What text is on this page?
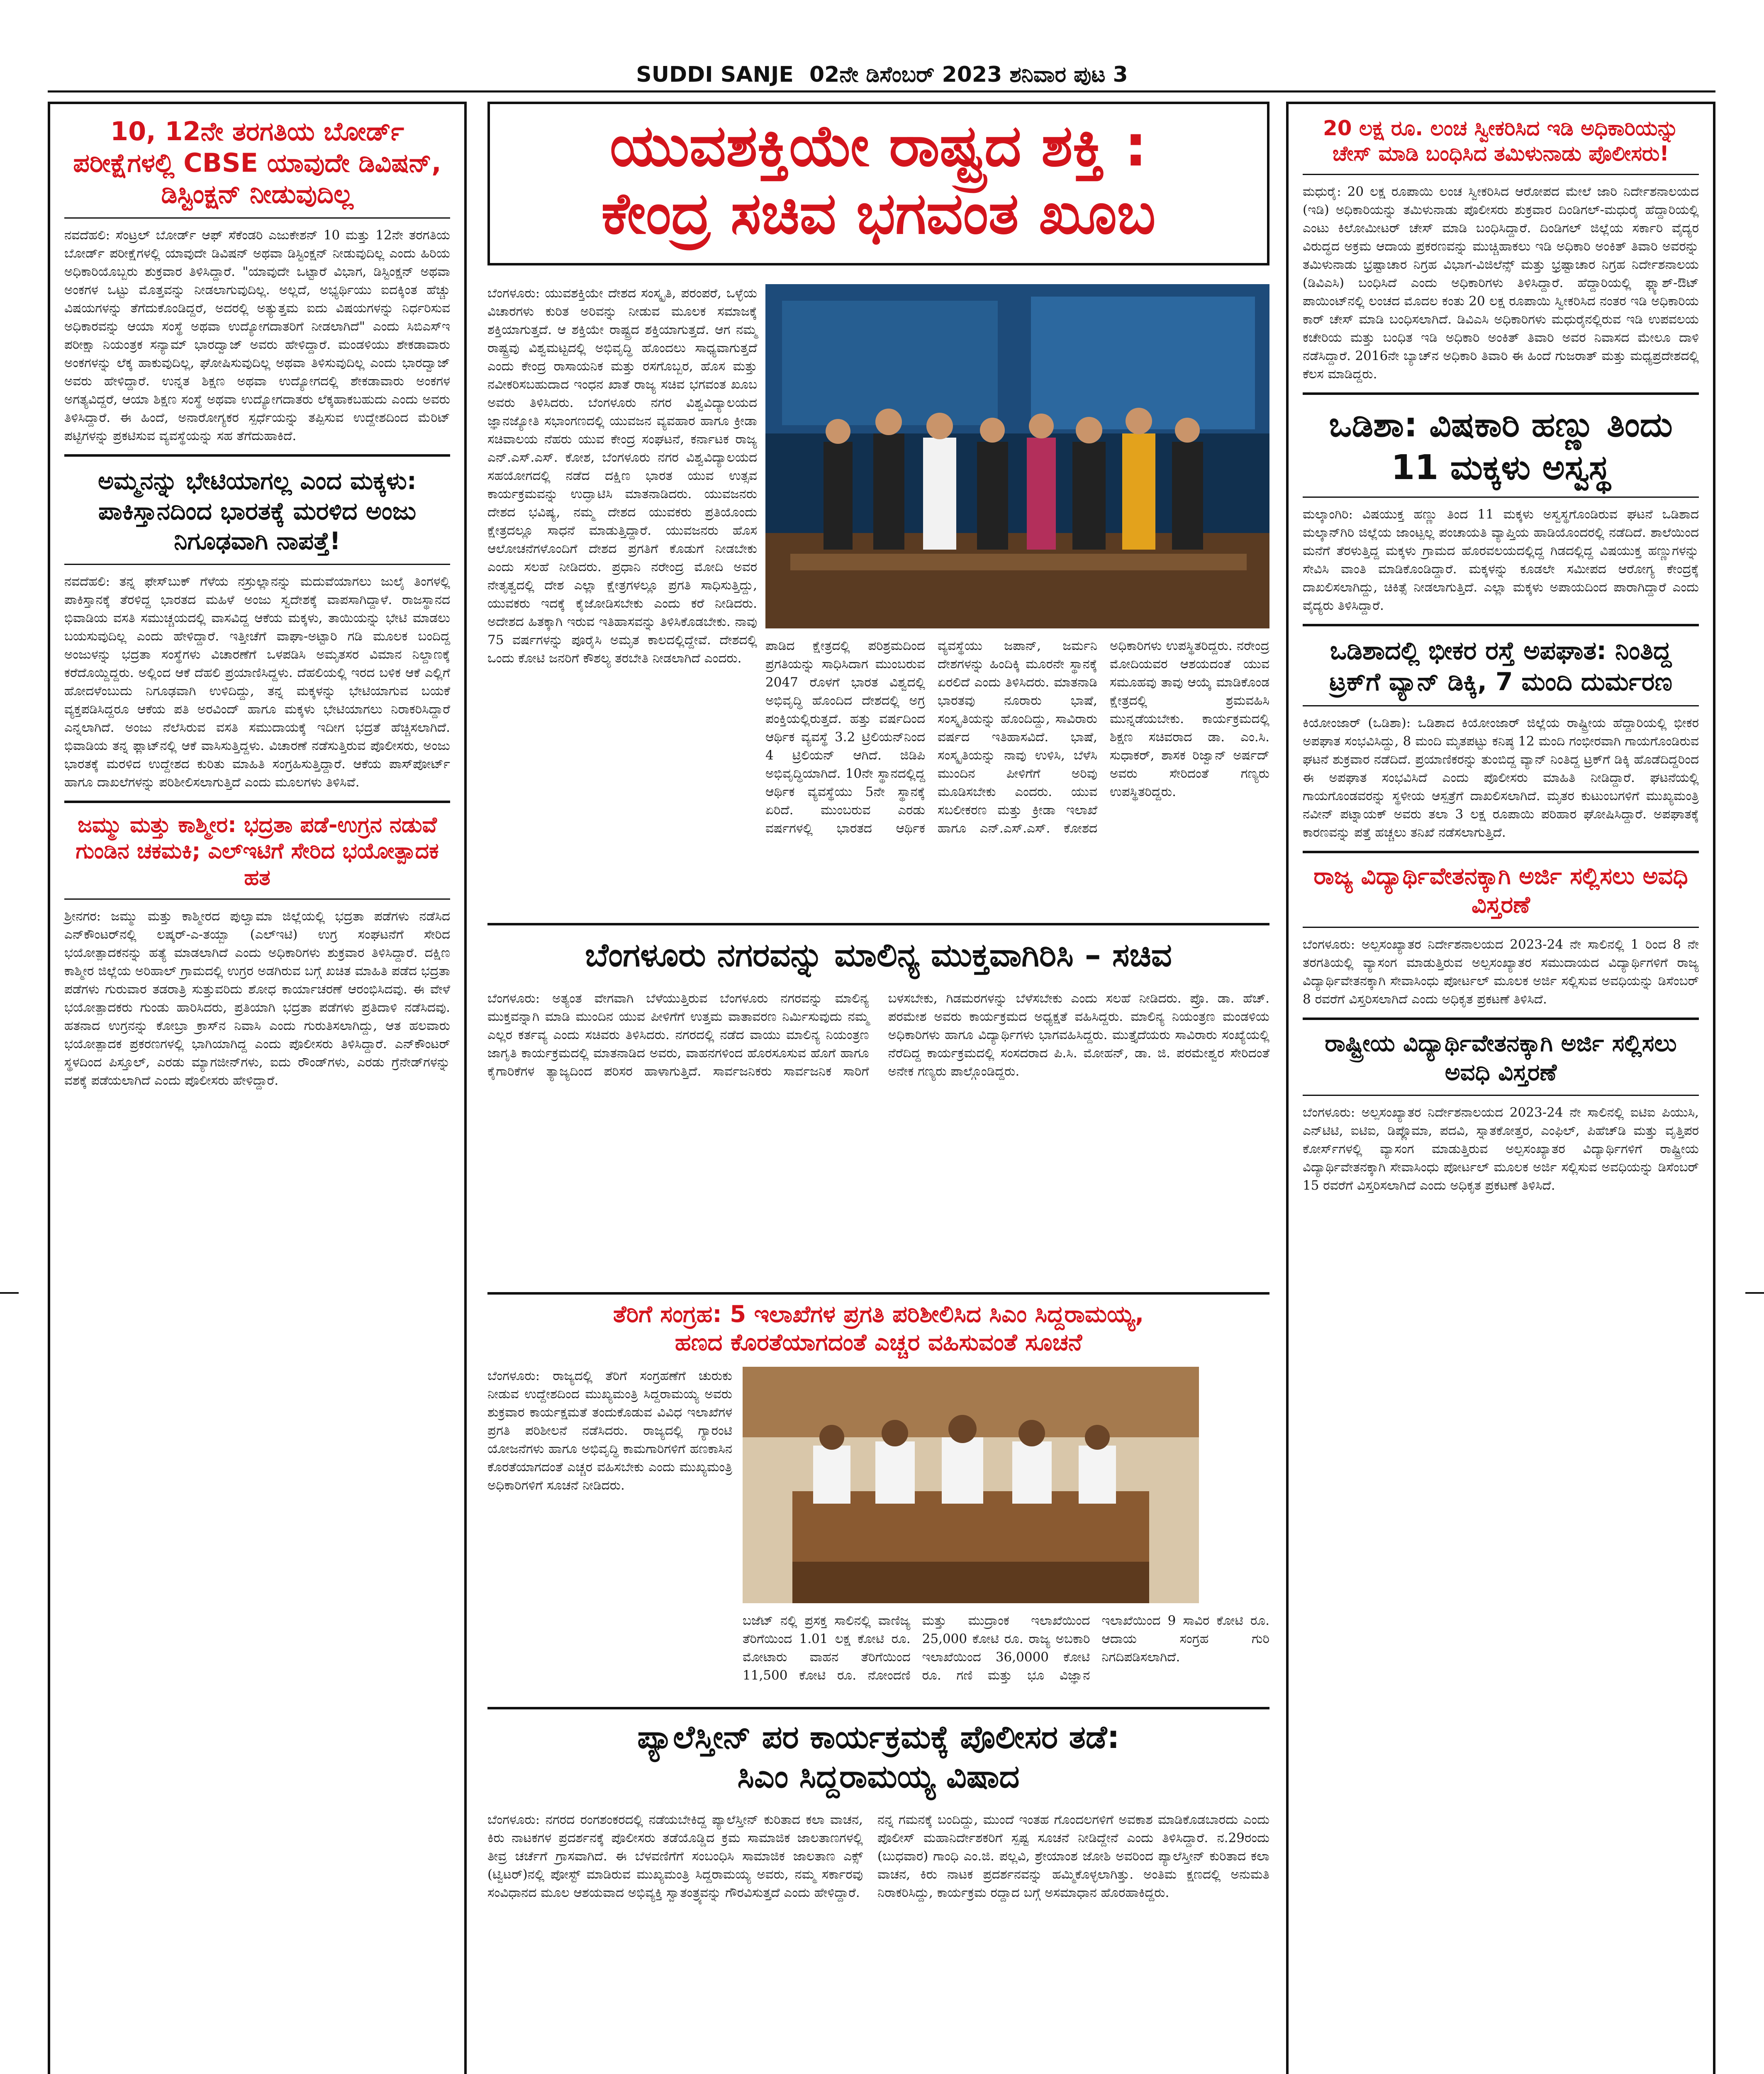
SUDDI SANJE 02ನೇ ಡಿಸೆಂಬರ್ 2023 ಶನಿವಾರ ಪುಟ 3
10, 12ನೇ ತರಗತಿಯ ಬೋರ್ಡ್ ಪರೀಕ್ಷೆಗಳಲ್ಲಿ CBSE ಯಾವುದೇ ಡಿವಿಷನ್, ಡಿಸ್ಟಿಂಕ್ಷನ್ ನೀಡುವುದಿಲ್ಲ

ನವದೆಹಲಿ: ಸೆಂಟ್ರಲ್ ಬೋರ್ಡ್ ಆಫ್ ಸೆಕೆಂಡರಿ ಎಜುಕೇಶನ್ 10 ಮತ್ತು 12ನೇ ತರಗತಿಯ ಬೋರ್ಡ್ ಪರೀಕ್ಷೆಗಳಲ್ಲಿ ಯಾವುದೇ ಡಿವಿಷನ್ ಅಥವಾ ಡಿಸ್ಟಿಂಕ್ಷನ್ ನೀಡುವುದಿಲ್ಲ ಎಂದು ಹಿರಿಯ ಅಧಿಕಾರಿಯೊಬ್ಬರು ಶುಕ್ರವಾರ ತಿಳಿಸಿದ್ದಾರೆ. "ಯಾವುದೇ ಒಟ್ಟಾರೆ ವಿಭಾಗ, ಡಿಸ್ಟಿಂಕ್ಷನ್ ಅಥವಾ ಅಂಕಗಳ ಒಟ್ಟು ಮೊತ್ತವನ್ನು ನೀಡಲಾಗುವುದಿಲ್ಲ. ಅಲ್ಲದೆ, ಅಭ್ಯರ್ಥಿಯು ಐದಕ್ಕಿಂತ ಹೆಚ್ಚು ವಿಷಯಗಳನ್ನು ತೆಗೆದುಕೊಂಡಿದ್ದರೆ, ಅದರಲ್ಲಿ ಅತ್ಯುತ್ತಮ ಐದು ವಿಷಯಗಳನ್ನು ನಿರ್ಧರಿಸುವ ಅಧಿಕಾರವನ್ನು ಆಯಾ ಸಂಸ್ಥೆ ಅಥವಾ ಉದ್ಯೋಗದಾತರಿಗೆ ನೀಡಲಾಗಿದೆ" ಎಂದು ಸಿಬಿಎಸ್ಇ ಪರೀಕ್ಷಾ ನಿಯಂತ್ರಕ ಸನ್ಯಾಮ್ ಭಾರದ್ವಾಜ್ ಅವರು ಹೇಳಿದ್ದಾರೆ. ಮಂಡಳಿಯು ಶೇಕಡಾವಾರು ಅಂಕಗಳನ್ನು ಲೆಕ್ಕ ಹಾಕುವುದಿಲ್ಲ, ಘೋಷಿಸುವುದಿಲ್ಲ ಅಥವಾ ತಿಳಿಸುವುದಿಲ್ಲ ಎಂದು ಭಾರದ್ವಾಜ್ ಅವರು ಹೇಳಿದ್ದಾರೆ. ಉನ್ನತ ಶಿಕ್ಷಣ ಅಥವಾ ಉದ್ಯೋಗದಲ್ಲಿ ಶೇಕಡಾವಾರು ಅಂಕಗಳ ಅಗತ್ಯವಿದ್ದರೆ, ಆಯಾ ಶಿಕ್ಷಣ ಸಂಸ್ಥೆ ಅಥವಾ ಉದ್ಯೋಗದಾತರು ಲೆಕ್ಕಹಾಕಬಹುದು ಎಂದು ಅವರು ತಿಳಿಸಿದ್ದಾರೆ. ಈ ಹಿಂದೆ, ಅನಾರೋಗ್ಯಕರ ಸ್ಪರ್ಧೆಯನ್ನು ತಪ್ಪಿಸುವ ಉದ್ದೇಶದಿಂದ ಮೆರಿಟ್ ಪಟ್ಟಿಗಳನ್ನು ಪ್ರಕಟಿಸುವ ವ್ಯವಸ್ಥೆಯನ್ನು ಸಹ ತೆಗೆದುಹಾಕಿದೆ.

ಅಮ್ಮನನ್ನು ಭೇಟಿಯಾಗಲ್ಲ ಎಂದ ಮಕ್ಕಳು: ಪಾಕಿಸ್ತಾನದಿಂದ ಭಾರತಕ್ಕೆ ಮರಳಿದ ಅಂಜು ನಿಗೂಢವಾಗಿ ನಾಪತ್ತೆ!

ನವದೆಹಲಿ: ತನ್ನ ಫೇಸ್‌ಬುಕ್ ಗೆಳೆಯ ನಸ್ರುಲ್ಲಾನನ್ನು ಮದುವೆಯಾಗಲು ಜುಲೈ ತಿಂಗಳಲ್ಲಿ ಪಾಕಿಸ್ತಾನಕ್ಕೆ ತೆರಳಿದ್ದ ಭಾರತದ ಮಹಿಳೆ ಅಂಜು ಸ್ವದೇಶಕ್ಕೆ ವಾಪಸಾಗಿದ್ದಾಳೆ. ರಾಜಸ್ಥಾನದ ಭಿವಾಡಿಯ ವಸತಿ ಸಮುಚ್ಚಯದಲ್ಲಿ ವಾಸವಿದ್ದ ಆಕೆಯ ಮಕ್ಕಳು, ತಾಯಿಯನ್ನು ಭೇಟಿ ಮಾಡಲು ಬಯಸುವುದಿಲ್ಲ ಎಂದು ಹೇಳಿದ್ದಾರೆ. ಇತ್ತೀಚೆಗೆ ವಾಘಾ-ಅಟ್ಟಾರಿ ಗಡಿ ಮೂಲಕ ಬಂದಿದ್ದ ಅಂಜುಳನ್ನು ಭದ್ರತಾ ಸಂಸ್ಥೆಗಳು ವಿಚಾರಣೆಗೆ ಒಳಪಡಿಸಿ ಅಮೃತಸರ ವಿಮಾನ ನಿಲ್ದಾಣಕ್ಕೆ ಕರೆದೊಯ್ದಿದ್ದರು. ಅಲ್ಲಿಂದ ಆಕೆ ದೆಹಲಿ ಪ್ರಯಾಣಿಸಿದ್ದಳು. ದೆಹಲಿಯಲ್ಲಿ ಇರದ ಬಳಿಕ ಆಕೆ ಎಲ್ಲಿಗೆ ಹೋದಳೆಂಬುದು ನಿಗೂಢವಾಗಿ ಉಳಿದಿದ್ದು, ತನ್ನ ಮಕ್ಕಳನ್ನು ಭೇಟಿಯಾಗುವ ಬಯಕೆ ವ್ಯಕ್ತಪಡಿಸಿದ್ದರೂ ಆಕೆಯ ಪತಿ ಅರವಿಂದ್ ಹಾಗೂ ಮಕ್ಕಳು ಭೇಟಿಯಾಗಲು ನಿರಾಕರಿಸಿದ್ದಾರೆ ಎನ್ನಲಾಗಿದೆ. ಅಂಜು ನೆಲೆಸಿರುವ ವಸತಿ ಸಮುದಾಯಕ್ಕೆ ಇದೀಗ ಭದ್ರತೆ ಹೆಚ್ಚಿಸಲಾಗಿದೆ. ಭಿವಾಡಿಯ ತನ್ನ ಫ್ಲಾಟ್‌ನಲ್ಲಿ ಆಕೆ ವಾಸಿಸುತ್ತಿದ್ದಳು. ವಿಚಾರಣೆ ನಡೆಸುತ್ತಿರುವ ಪೊಲೀಸರು, ಅಂಜು ಭಾರತಕ್ಕೆ ಮರಳಿದ ಉದ್ದೇಶದ ಕುರಿತು ಮಾಹಿತಿ ಸಂಗ್ರಹಿಸುತ್ತಿದ್ದಾರೆ. ಆಕೆಯ ಪಾಸ್‌ಪೋರ್ಟ್ ಹಾಗೂ ದಾಖಲೆಗಳನ್ನು ಪರಿಶೀಲಿಸಲಾಗುತ್ತಿದೆ ಎಂದು ಮೂಲಗಳು ತಿಳಿಸಿವೆ.

ಜಮ್ಮು ಮತ್ತು ಕಾಶ್ಮೀರ: ಭದ್ರತಾ ಪಡೆ-ಉಗ್ರನ ನಡುವೆ ಗುಂಡಿನ ಚಕಮಕಿ; ಎಲ್ಇಟಿಗೆ ಸೇರಿದ ಭಯೋತ್ಪಾದಕ ಹತ

ಶ್ರೀನಗರ: ಜಮ್ಮು ಮತ್ತು ಕಾಶ್ಮೀರದ ಪುಲ್ವಾಮಾ ಜಿಲ್ಲೆಯಲ್ಲಿ ಭದ್ರತಾ ಪಡೆಗಳು ನಡೆಸಿದ ಎನ್‌ಕೌಂಟರ್‌ನಲ್ಲಿ ಲಷ್ಕರ್-ಎ-ತಯ್ಬಾ (ಎಲ್‌ಇಟಿ) ಉಗ್ರ ಸಂಘಟನೆಗೆ ಸೇರಿದ ಭಯೋತ್ಪಾದಕನನ್ನು ಹತ್ಯೆ ಮಾಡಲಾಗಿದೆ ಎಂದು ಅಧಿಕಾರಿಗಳು ಶುಕ್ರವಾರ ತಿಳಿಸಿದ್ದಾರೆ. ದಕ್ಷಿಣ ಕಾಶ್ಮೀರ ಜಿಲ್ಲೆಯ ಅರಿಹಾಲ್ ಗ್ರಾಮದಲ್ಲಿ ಉಗ್ರರ ಅಡಗಿರುವ ಬಗ್ಗೆ ಖಚಿತ ಮಾಹಿತಿ ಪಡೆದ ಭದ್ರತಾ ಪಡೆಗಳು ಗುರುವಾರ ತಡರಾತ್ರಿ ಸುತ್ತುವರಿದು ಶೋಧ ಕಾರ್ಯಾಚರಣೆ ಆರಂಭಿಸಿದವು. ಈ ವೇಳೆ ಭಯೋತ್ಪಾದಕರು ಗುಂಡು ಹಾರಿಸಿದರು, ಪ್ರತಿಯಾಗಿ ಭದ್ರತಾ ಪಡೆಗಳು ಪ್ರತಿದಾಳಿ ನಡೆಸಿದವು. ಹತನಾದ ಉಗ್ರನನ್ನು ಕೋಬ್ರಾ ಕ್ರಾಸ್‌ನ ನಿವಾಸಿ ಎಂದು ಗುರುತಿಸಲಾಗಿದ್ದು, ಆತ ಹಲವಾರು ಭಯೋತ್ಪಾದಕ ಪ್ರಕರಣಗಳಲ್ಲಿ ಭಾಗಿಯಾಗಿದ್ದ ಎಂದು ಪೊಲೀಸರು ತಿಳಿಸಿದ್ದಾರೆ. ಎನ್‌ಕೌಂಟರ್ ಸ್ಥಳದಿಂದ ಪಿಸ್ತೂಲ್, ಎರಡು ಮ್ಯಾಗಜೀನ್‌ಗಳು, ಐದು ರೌಂಡ್‌ಗಳು, ಎರಡು ಗ್ರೆನೇಡ್‌ಗಳನ್ನು ವಶಕ್ಕೆ ಪಡೆಯಲಾಗಿದೆ ಎಂದು ಪೊಲೀಸರು ಹೇಳಿದ್ದಾರೆ.

ಯುವಶಕ್ತಿಯೇ ರಾಷ್ಟ್ರದ ಶಕ್ತಿ :
ಕೇಂದ್ರ ಸಚಿವ ಭಗವಂತ ಖೂಬ

ಬೆಂಗಳೂರು: ಯುವಶಕ್ತಿಯೇ ದೇಶದ ಸಂಸ್ಕೃತಿ, ಪರಂಪರೆ, ಒಳ್ಳೆಯ ವಿಚಾರಗಳು ಕುರಿತ ಅರಿವನ್ನು ನೀಡುವ ಮೂಲಕ ಸಮಾಜಕ್ಕೆ ಶಕ್ತಿಯಾಗುತ್ತದೆ. ಆ ಶಕ್ತಿಯೇ ರಾಷ್ಟ್ರದ ಶಕ್ತಿಯಾಗುತ್ತದೆ. ಆಗ ನಮ್ಮ ರಾಷ್ಟ್ರವು ವಿಶ್ವಮಟ್ಟದಲ್ಲಿ ಅಭಿವೃದ್ಧಿ ಹೊಂದಲು ಸಾಧ್ಯವಾಗುತ್ತದೆ ಎಂದು ಕೇಂದ್ರ ರಾಸಾಯನಿಕ ಮತ್ತು ರಸಗೊಬ್ಬರ, ಹೊಸ ಮತ್ತು ನವೀಕರಿಸಬಹುದಾದ ಇಂಧನ ಖಾತೆ ರಾಜ್ಯ ಸಚಿವ ಭಗವಂತ ಖೂಬ ಅವರು ತಿಳಿಸಿದರು. ಬೆಂಗಳೂರು ನಗರ ವಿಶ್ವವಿದ್ಯಾಲಯದ ಜ್ಞಾನಜ್ಯೋತಿ ಸಭಾಂಗಣದಲ್ಲಿ ಯುವಜನ ವ್ಯವಹಾರ ಹಾಗೂ ಕ್ರೀಡಾ ಸಚಿವಾಲಯ ನೆಹರು ಯುವ ಕೇಂದ್ರ ಸಂಘಟನೆ, ಕರ್ನಾಟಕ ರಾಜ್ಯ ಎನ್.ಎಸ್.ಎಸ್. ಕೋಶ, ಬೆಂಗಳೂರು ನಗರ ವಿಶ್ವವಿದ್ಯಾಲಯದ ಸಹಯೋಗದಲ್ಲಿ ನಡೆದ ದಕ್ಷಿಣ ಭಾರತ ಯುವ ಉತ್ಸವ ಕಾರ್ಯಕ್ರಮವನ್ನು ಉದ್ಘಾಟಿಸಿ ಮಾತನಾಡಿದರು. ಯುವಜನರು ದೇಶದ ಭವಿಷ್ಯ, ನಮ್ಮ ದೇಶದ ಯುವಕರು ಪ್ರತಿಯೊಂದು ಕ್ಷೇತ್ರದಲ್ಲೂ ಸಾಧನೆ ಮಾಡುತ್ತಿದ್ದಾರೆ. ಯುವಜನರು ಹೊಸ ಆಲೋಚನೆಗಳೊಂದಿಗೆ ದೇಶದ ಪ್ರಗತಿಗೆ ಕೊಡುಗೆ ನೀಡಬೇಕು ಎಂದು ಸಲಹೆ ನೀಡಿದರು. ಪ್ರಧಾನಿ ನರೇಂದ್ರ ಮೋದಿ ಅವರ ನೇತೃತ್ವದಲ್ಲಿ ದೇಶ ಎಲ್ಲಾ ಕ್ಷೇತ್ರಗಳಲ್ಲೂ ಪ್ರಗತಿ ಸಾಧಿಸುತ್ತಿದ್ದು, ಯುವಕರು ಇದಕ್ಕೆ ಕೈಜೋಡಿಸಬೇಕು ಎಂದು ಕರೆ ನೀಡಿದರು. ಅದೇಶದ ಹಿತಕ್ಕಾಗಿ ಇರುವ ಇತಿಹಾಸವನ್ನು ತಿಳಿಸಿಕೊಡಬೇಕು. ನಾವು 75 ವರ್ಷಗಳನ್ನು ಪೂರೈಸಿ ಅಮೃತ ಕಾಲದಲ್ಲಿದ್ದೇವೆ. ದೇಶದಲ್ಲಿ ಒಂದು ಕೋಟಿ ಜನರಿಗೆ ಕೌಶಲ್ಯ ತರಬೇತಿ ನೀಡಲಾಗಿದೆ ಎಂದರು.

ಪಾಡಿದ ಕ್ಷೇತ್ರದಲ್ಲಿ ಪರಿಶ್ರಮದಿಂದ ಪ್ರಗತಿಯನ್ನು ಸಾಧಿಸಿದಾಗ ಮುಂಬರುವ 2047 ರೊಳಗೆ ಭಾರತ ವಿಶ್ವದಲ್ಲಿ ಅಭಿವೃದ್ಧಿ ಹೊಂದಿದ ದೇಶದಲ್ಲಿ ಅಗ್ರ ಪಂಕ್ತಿಯಲ್ಲಿರುತ್ತದೆ. ಹತ್ತು ವರ್ಷದಿಂದ ಆರ್ಥಿಕ ವ್ಯವಸ್ಥೆ 3.2 ಟ್ರಿಲಿಯನ್‌ನಿಂದ 4 ಟ್ರಿಲಿಯನ್ ಆಗಿದೆ. ಜಿಡಿಪಿ ಅಭಿವೃದ್ಧಿಯಾಗಿದೆ. 10ನೇ ಸ್ಥಾನದಲ್ಲಿದ್ದ ಆರ್ಥಿಕ ವ್ಯವಸ್ಥೆಯು 5ನೇ ಸ್ಥಾನಕ್ಕೆ ಏರಿದೆ. ಮುಂಬರುವ ಎರಡು ವರ್ಷಗಳಲ್ಲಿ ಭಾರತದ ಆರ್ಥಿಕ ವ್ಯವಸ್ಥೆಯು ಜಪಾನ್, ಜರ್ಮನಿ ದೇಶಗಳನ್ನು ಹಿಂದಿಕ್ಕಿ ಮೂರನೇ ಸ್ಥಾನಕ್ಕೆ ಏರಲಿದೆ ಎಂದು ತಿಳಿಸಿದರು. ಮಾತನಾಡಿ ಭಾರತವು ನೂರಾರು ಭಾಷೆ, ಸಂಸ್ಕೃತಿಯನ್ನು ಹೊಂದಿದ್ದು, ಸಾವಿರಾರು ವರ್ಷದ ಇತಿಹಾಸವಿದೆ. ಭಾಷೆ, ಸಂಸ್ಕೃತಿಯನ್ನು ನಾವು ಉಳಿಸಿ, ಬೆಳೆಸಿ ಮುಂದಿನ ಪೀಳಿಗೆಗೆ ಅರಿವು ಮೂಡಿಸಬೇಕು ಎಂದರು. ಯುವ ಸಬಲೀಕರಣ ಮತ್ತು ಕ್ರೀಡಾ ಇಲಾಖೆ ಹಾಗೂ ಎನ್.ಎಸ್.ಎಸ್. ಕೋಶದ ಅಧಿಕಾರಿಗಳು ಉಪಸ್ಥಿತರಿದ್ದರು. ನರೇಂದ್ರ ಮೋದಿಯವರ ಆಶಯದಂತೆ ಯುವ ಸಮೂಹವು ತಾವು ಆಯ್ಕೆ ಮಾಡಿಕೊಂಡ ಕ್ಷೇತ್ರದಲ್ಲಿ ಶ್ರಮವಹಿಸಿ ಮುನ್ನಡೆಯಬೇಕು. ಕಾರ್ಯಕ್ರಮದಲ್ಲಿ ಶಿಕ್ಷಣ ಸಚಿವರಾದ ಡಾ. ಎಂ.ಸಿ. ಸುಧಾಕರ್, ಶಾಸಕ ರಿಜ್ವಾನ್ ಅರ್ಷದ್ ಅವರು ಸೇರಿದಂತೆ ಗಣ್ಯರು ಉಪಸ್ಥಿತರಿದ್ದರು.

ಬೆಂಗಳೂರು ನಗರವನ್ನು ಮಾಲಿನ್ಯ ಮುಕ್ತವಾಗಿರಿಸಿ – ಸಚಿವ

ಬೆಂಗಳೂರು: ಅತ್ಯಂತ ವೇಗವಾಗಿ ಬೆಳೆಯುತ್ತಿರುವ ಬೆಂಗಳೂರು ನಗರವನ್ನು ಮಾಲಿನ್ಯ ಮುಕ್ತವನ್ನಾಗಿ ಮಾಡಿ ಮುಂದಿನ ಯುವ ಪೀಳಿಗೆಗೆ ಉತ್ತಮ ವಾತಾವರಣ ನಿರ್ಮಿಸುವುದು ನಮ್ಮ ಎಲ್ಲರ ಕರ್ತವ್ಯ ಎಂದು ಸಚಿವರು ತಿಳಿಸಿದರು. ನಗರದಲ್ಲಿ ನಡೆದ ವಾಯು ಮಾಲಿನ್ಯ ನಿಯಂತ್ರಣ ಜಾಗೃತಿ ಕಾರ್ಯಕ್ರಮದಲ್ಲಿ ಮಾತನಾಡಿದ ಅವರು, ವಾಹನಗಳಿಂದ ಹೊರಸೂಸುವ ಹೊಗೆ ಹಾಗೂ ಕೈಗಾರಿಕೆಗಳ ತ್ಯಾಜ್ಯದಿಂದ ಪರಿಸರ ಹಾಳಾಗುತ್ತಿದೆ. ಸಾರ್ವಜನಿಕರು ಸಾರ್ವಜನಿಕ ಸಾರಿಗೆ ಬಳಸಬೇಕು, ಗಿಡಮರಗಳನ್ನು ಬೆಳೆಸಬೇಕು ಎಂದು ಸಲಹೆ ನೀಡಿದರು. ಪ್ರೊ. ಡಾ. ಹೆಚ್. ಪರಮೇಶ ಅವರು ಕಾರ್ಯಕ್ರಮದ ಅಧ್ಯಕ್ಷತೆ ವಹಿಸಿದ್ದರು. ಮಾಲಿನ್ಯ ನಿಯಂತ್ರಣ ಮಂಡಳಿಯ ಅಧಿಕಾರಿಗಳು ಹಾಗೂ ವಿದ್ಯಾರ್ಥಿಗಳು ಭಾಗವಹಿಸಿದ್ದರು. ಮುತ್ತೈದೆಯರು ಸಾವಿರಾರು ಸಂಖ್ಯೆಯಲ್ಲಿ ನೆರೆದಿದ್ದ ಕಾರ್ಯಕ್ರಮದಲ್ಲಿ ಸಂಸದರಾದ ಪಿ.ಸಿ. ಮೋಹನ್, ಡಾ. ಜಿ. ಪರಮೇಶ್ವರ ಸೇರಿದಂತೆ ಅನೇಕ ಗಣ್ಯರು ಪಾಲ್ಗೊಂಡಿದ್ದರು.

ತೆರಿಗೆ ಸಂಗ್ರಹ: 5 ಇಲಾಖೆಗಳ ಪ್ರಗತಿ ಪರಿಶೀಲಿಸಿದ ಸಿಎಂ ಸಿದ್ದರಾಮಯ್ಯ,
ಹಣದ ಕೊರತೆಯಾಗದಂತೆ ಎಚ್ಚರ ವಹಿಸುವಂತೆ ಸೂಚನೆ

ಬೆಂಗಳೂರು: ರಾಜ್ಯದಲ್ಲಿ ತೆರಿಗೆ ಸಂಗ್ರಹಣೆಗೆ ಚುರುಕು ನೀಡುವ ಉದ್ದೇಶದಿಂದ ಮುಖ್ಯಮಂತ್ರಿ ಸಿದ್ದರಾಮಯ್ಯ ಅವರು ಶುಕ್ರವಾರ ಕಾರ್ಯಕ್ಷಮತೆ ತಂದುಕೊಡುವ ವಿವಿಧ ಇಲಾಖೆಗಳ ಪ್ರಗತಿ ಪರಿಶೀಲನೆ ನಡೆಸಿದರು. ರಾಜ್ಯದಲ್ಲಿ ಗ್ಯಾರಂಟಿ ಯೋಜನೆಗಳು ಹಾಗೂ ಅಭಿವೃದ್ಧಿ ಕಾಮಗಾರಿಗಳಿಗೆ ಹಣಕಾಸಿನ ಕೊರತೆಯಾಗದಂತೆ ಎಚ್ಚರ ವಹಿಸಬೇಕು ಎಂದು ಮುಖ್ಯಮಂತ್ರಿ ಅಧಿಕಾರಿಗಳಿಗೆ ಸೂಚನೆ ನೀಡಿದರು.

ಬಜೆಟ್ ನಲ್ಲಿ ಪ್ರಸಕ್ತ ಸಾಲಿನಲ್ಲಿ ವಾಣಿಜ್ಯ ತೆರಿಗೆಯಿಂದ 1.01 ಲಕ್ಷ ಕೋಟಿ ರೂ. ಮೋಟಾರು ವಾಹನ ತೆರಿಗೆಯಿಂದ 11,500 ಕೋಟಿ ರೂ. ನೋಂದಣಿ ಮತ್ತು ಮುದ್ರಾಂಕ ಇಲಾಖೆಯಿಂದ 25,000 ಕೋಟಿ ರೂ. ರಾಜ್ಯ ಅಬಕಾರಿ ಇಲಾಖೆಯಿಂದ 36,0000 ಕೋಟಿ ರೂ. ಗಣಿ ಮತ್ತು ಭೂ ವಿಜ್ಞಾನ ಇಲಾಖೆಯಿಂದ 9 ಸಾವಿರ ಕೋಟಿ ರೂ. ಆದಾಯ ಸಂಗ್ರಹ ಗುರಿ ನಿಗದಿಪಡಿಸಲಾಗಿದೆ.

ಪ್ಯಾಲೆಸ್ತೀನ್ ಪರ ಕಾರ್ಯಕ್ರಮಕ್ಕೆ ಪೊಲೀಸರ ತಡೆ:
ಸಿಎಂ ಸಿದ್ದರಾಮಯ್ಯ ವಿಷಾದ

ಬೆಂಗಳೂರು: ನಗರದ ರಂಗಶಂಕರದಲ್ಲಿ ನಡೆಯಬೇಕಿದ್ದ ಪ್ಯಾಲೆಸ್ತೀನ್ ಕುರಿತಾದ ಕಲಾ ವಾಚನ, ಕಿರು ನಾಟಕಗಳ ಪ್ರದರ್ಶನಕ್ಕೆ ಪೊಲೀಸರು ತಡೆಯೊಡ್ಡಿದ ಕ್ರಮ ಸಾಮಾಜಿಕ ಜಾಲತಾಣಗಳಲ್ಲಿ ತೀವ್ರ ಚರ್ಚೆಗೆ ಗ್ರಾಸವಾಗಿದೆ. ಈ ಬೆಳವಣಿಗೆಗೆ ಸಂಬಂಧಿಸಿ ಸಾಮಾಜಿಕ ಜಾಲತಾಣ ಎಕ್ಸ್ (ಟ್ವಿಟರ್)ನಲ್ಲಿ ಪೋಸ್ಟ್ ಮಾಡಿರುವ ಮುಖ್ಯಮಂತ್ರಿ ಸಿದ್ದರಾಮಯ್ಯ ಅವರು, ನಮ್ಮ ಸರ್ಕಾರವು ಸಂವಿಧಾನದ ಮೂಲ ಆಶಯವಾದ ಅಭಿವ್ಯಕ್ತಿ ಸ್ವಾತಂತ್ರ್ಯವನ್ನು ಗೌರವಿಸುತ್ತದೆ ಎಂದು ಹೇಳಿದ್ದಾರೆ.

ನನ್ನ ಗಮನಕ್ಕೆ ಬಂದಿದ್ದು, ಮುಂದೆ ಇಂತಹ ಗೊಂದಲಗಳಿಗೆ ಅವಕಾಶ ಮಾಡಿಕೊಡಬಾರದು ಎಂದು ಪೊಲೀಸ್ ಮಹಾನಿರ್ದೇಶಕರಿಗೆ ಸ್ಪಷ್ಟ ಸೂಚನೆ ನೀಡಿದ್ದೇನೆ ಎಂದು ತಿಳಿಸಿದ್ದಾರೆ. ನ.29ರಂದು (ಬುಧವಾರ) ಗಾಂಧಿ ಎಂ.ಜಿ. ಪಲ್ಲವಿ, ಶ್ರೇಯಾಂಶ ಜೋಶಿ ಅವರಿಂದ ಪ್ಯಾಲೆಸ್ತೀನ್ ಕುರಿತಾದ ಕಲಾ ವಾಚನ, ಕಿರು ನಾಟಕ ಪ್ರದರ್ಶನವನ್ನು ಹಮ್ಮಿಕೊಳ್ಳಲಾಗಿತ್ತು. ಅಂತಿಮ ಕ್ಷಣದಲ್ಲಿ ಅನುಮತಿ ನಿರಾಕರಿಸಿದ್ದು, ಕಾರ್ಯಕ್ರಮ ರದ್ದಾದ ಬಗ್ಗೆ ಅಸಮಾಧಾನ ಹೊರಹಾಕಿದ್ದರು.

20 ಲಕ್ಷ ರೂ. ಲಂಚ ಸ್ವೀಕರಿಸಿದ ಇಡಿ ಅಧಿಕಾರಿಯನ್ನು ಚೇಸ್ ಮಾಡಿ ಬಂಧಿಸಿದ ತಮಿಳುನಾಡು ಪೊಲೀಸರು!

ಮಧುರೈ: 20 ಲಕ್ಷ ರೂಪಾಯಿ ಲಂಚ ಸ್ವೀಕರಿಸಿದ ಆರೋಪದ ಮೇಲೆ ಜಾರಿ ನಿರ್ದೇಶನಾಲಯದ (ಇಡಿ) ಅಧಿಕಾರಿಯನ್ನು ತಮಿಳುನಾಡು ಪೊಲೀಸರು ಶುಕ್ರವಾರ ದಿಂಡಿಗಲ್-ಮಧುರೈ ಹೆದ್ದಾರಿಯಲ್ಲಿ ಎಂಟು ಕಿಲೋಮೀಟರ್ ಚೇಸ್ ಮಾಡಿ ಬಂಧಿಸಿದ್ದಾರೆ. ದಿಂಡಿಗಲ್ ಜಿಲ್ಲೆಯ ಸರ್ಕಾರಿ ವೈದ್ಯರ ವಿರುದ್ಧದ ಅಕ್ರಮ ಆದಾಯ ಪ್ರಕರಣವನ್ನು ಮುಚ್ಚಿಹಾಕಲು ಇಡಿ ಅಧಿಕಾರಿ ಅಂಕಿತ್ ತಿವಾರಿ ಅವರನ್ನು ತಮಿಳುನಾಡು ಭ್ರಷ್ಟಾಚಾರ ನಿಗ್ರಹ ವಿಭಾಗ-ವಿಜಿಲೆನ್ಸ್ ಮತ್ತು ಭ್ರಷ್ಟಾಚಾರ ನಿಗ್ರಹ ನಿರ್ದೇಶನಾಲಯ (ಡಿವಿಎಸಿ) ಬಂಧಿಸಿದೆ ಎಂದು ಅಧಿಕಾರಿಗಳು ತಿಳಿಸಿದ್ದಾರೆ. ಹೆದ್ದಾರಿಯಲ್ಲಿ ಫ್ಲ್ಯಾಶ್-ಔಟ್ ಪಾಯಿಂಟ್‌ನಲ್ಲಿ ಲಂಚದ ಮೊದಲ ಕಂತು 20 ಲಕ್ಷ ರೂಪಾಯಿ ಸ್ವೀಕರಿಸಿದ ನಂತರ ಇಡಿ ಅಧಿಕಾರಿಯ ಕಾರ್ ಚೇಸ್ ಮಾಡಿ ಬಂಧಿಸಲಾಗಿದೆ. ಡಿವಿಎಸಿ ಅಧಿಕಾರಿಗಳು ಮಧುರೈನಲ್ಲಿರುವ ಇಡಿ ಉಪವಲಯ ಕಚೇರಿಯ ಮತ್ತು ಬಂಧಿತ ಇಡಿ ಅಧಿಕಾರಿ ಅಂಕಿತ್ ತಿವಾರಿ ಅವರ ನಿವಾಸದ ಮೇಲೂ ದಾಳಿ ನಡೆಸಿದ್ದಾರೆ. 2016ನೇ ಬ್ಯಾಚ್‌ನ ಅಧಿಕಾರಿ ತಿವಾರಿ ಈ ಹಿಂದೆ ಗುಜರಾತ್ ಮತ್ತು ಮಧ್ಯಪ್ರದೇಶದಲ್ಲಿ ಕೆಲಸ ಮಾಡಿದ್ದರು.

ಒಡಿಶಾ: ವಿಷಕಾರಿ ಹಣ್ಣು ತಿಂದು 11 ಮಕ್ಕಳು ಅಸ್ವಸ್ಥ

ಮಲ್ಕಾಂಗಿರಿ: ವಿಷಯುಕ್ತ ಹಣ್ಣು ತಿಂದ 11 ಮಕ್ಕಳು ಅಸ್ವಸ್ಥಗೊಂಡಿರುವ ಘಟನೆ ಒಡಿಶಾದ ಮಲ್ಕಾನ್‌ಗಿರಿ ಜಿಲ್ಲೆಯ ಜಾಂಟ್ಪಲ್ಲ ಪಂಚಾಯತಿ ವ್ಯಾಪ್ತಿಯ ಹಾಡಿಯೊಂದರಲ್ಲಿ ನಡೆದಿದೆ. ಶಾಲೆಯಿಂದ ಮನೆಗೆ ತೆರಳುತ್ತಿದ್ದ ಮಕ್ಕಳು ಗ್ರಾಮದ ಹೊರವಲಯದಲ್ಲಿದ್ದ ಗಿಡದಲ್ಲಿದ್ದ ವಿಷಯುಕ್ತ ಹಣ್ಣುಗಳನ್ನು ಸೇವಿಸಿ ವಾಂತಿ ಮಾಡಿಕೊಂಡಿದ್ದಾರೆ. ಮಕ್ಕಳನ್ನು ಕೂಡಲೇ ಸಮೀಪದ ಆರೋಗ್ಯ ಕೇಂದ್ರಕ್ಕೆ ದಾಖಲಿಸಲಾಗಿದ್ದು, ಚಿಕಿತ್ಸೆ ನೀಡಲಾಗುತ್ತಿದೆ. ಎಲ್ಲಾ ಮಕ್ಕಳು ಅಪಾಯದಿಂದ ಪಾರಾಗಿದ್ದಾರೆ ಎಂದು ವೈದ್ಯರು ತಿಳಿಸಿದ್ದಾರೆ.

ಒಡಿಶಾದಲ್ಲಿ ಭೀಕರ ರಸ್ತೆ ಅಪಘಾತ: ನಿಂತಿದ್ದ ಟ್ರಕ್‌ಗೆ ವ್ಯಾನ್ ಡಿಕ್ಕಿ, 7 ಮಂದಿ ದುರ್ಮರಣ

ಕಿಯೋಂಜಾರ್ (ಒಡಿಶಾ): ಒಡಿಶಾದ ಕಿಯೋಂಜಾರ್ ಜಿಲ್ಲೆಯ ರಾಷ್ಟ್ರೀಯ ಹೆದ್ದಾರಿಯಲ್ಲಿ ಭೀಕರ ಅಪಘಾತ ಸಂಭವಿಸಿದ್ದು, 8 ಮಂದಿ ಮೃತಪಟ್ಟು ಕನಿಷ್ಠ 12 ಮಂದಿ ಗಂಭೀರವಾಗಿ ಗಾಯಗೊಂಡಿರುವ ಘಟನೆ ಶುಕ್ರವಾರ ನಡೆದಿದೆ. ಪ್ರಯಾಣಿಕರನ್ನು ತುಂಬಿದ್ದ ವ್ಯಾನ್ ನಿಂತಿದ್ದ ಟ್ರಕ್‌ಗೆ ಡಿಕ್ಕಿ ಹೊಡೆದಿದ್ದರಿಂದ ಈ ಅಪಘಾತ ಸಂಭವಿಸಿದೆ ಎಂದು ಪೊಲೀಸರು ಮಾಹಿತಿ ನೀಡಿದ್ದಾರೆ. ಘಟನೆಯಲ್ಲಿ ಗಾಯಗೊಂಡವರನ್ನು ಸ್ಥಳೀಯ ಆಸ್ಪತ್ರೆಗೆ ದಾಖಲಿಸಲಾಗಿದೆ. ಮೃತರ ಕುಟುಂಬಗಳಿಗೆ ಮುಖ್ಯಮಂತ್ರಿ ನವೀನ್ ಪಟ್ನಾಯಕ್ ಅವರು ತಲಾ 3 ಲಕ್ಷ ರೂಪಾಯಿ ಪರಿಹಾರ ಘೋಷಿಸಿದ್ದಾರೆ. ಅಪಘಾತಕ್ಕೆ ಕಾರಣವನ್ನು ಪತ್ತೆ ಹಚ್ಚಲು ತನಿಖೆ ನಡೆಸಲಾಗುತ್ತಿದೆ.

ರಾಜ್ಯ ವಿದ್ಯಾರ್ಥಿವೇತನಕ್ಕಾಗಿ ಅರ್ಜಿ ಸಲ್ಲಿಸಲು ಅವಧಿ ವಿಸ್ತರಣೆ

ಬೆಂಗಳೂರು: ಅಲ್ಪಸಂಖ್ಯಾತರ ನಿರ್ದೇಶನಾಲಯದ 2023-24 ನೇ ಸಾಲಿನಲ್ಲಿ 1 ರಿಂದ 8 ನೇ ತರಗತಿಯಲ್ಲಿ ವ್ಯಾಸಂಗ ಮಾಡುತ್ತಿರುವ ಅಲ್ಪಸಂಖ್ಯಾತರ ಸಮುದಾಯದ ವಿದ್ಯಾರ್ಥಿಗಳಿಗೆ ರಾಜ್ಯ ವಿದ್ಯಾರ್ಥಿವೇತನಕ್ಕಾಗಿ ಸೇವಾಸಿಂಧು ಪೋರ್ಟಲ್ ಮೂಲಕ ಅರ್ಜಿ ಸಲ್ಲಿಸುವ ಅವಧಿಯನ್ನು ಡಿಸೆಂಬರ್ 8 ರವರೆಗೆ ವಿಸ್ತರಿಸಲಾಗಿದೆ ಎಂದು ಅಧಿಕೃತ ಪ್ರಕಟಣೆ ತಿಳಿಸಿದೆ.

ರಾಷ್ಟ್ರೀಯ ವಿದ್ಯಾರ್ಥಿವೇತನಕ್ಕಾಗಿ ಅರ್ಜಿ ಸಲ್ಲಿಸಲು ಅವಧಿ ವಿಸ್ತರಣೆ

ಬೆಂಗಳೂರು: ಅಲ್ಪಸಂಖ್ಯಾತರ ನಿರ್ದೇಶನಾಲಯದ 2023-24 ನೇ ಸಾಲಿನಲ್ಲಿ ಐಟಿಐ ಪಿಯುಸಿ, ಎನ್‌ಟಿಟಿ, ಐಟಿಐ, ಡಿಪ್ಲೊಮಾ, ಪದವಿ, ಸ್ನಾತಕೋತ್ತರ, ಎಂಫಿಲ್, ಪಿಹೆಚ್‌ಡಿ ಮತ್ತು ವೃತ್ತಿಪರ ಕೋರ್ಸ್‌ಗಳಲ್ಲಿ ವ್ಯಾಸಂಗ ಮಾಡುತ್ತಿರುವ ಅಲ್ಪಸಂಖ್ಯಾತರ ವಿದ್ಯಾರ್ಥಿಗಳಿಗೆ ರಾಷ್ಟ್ರೀಯ ವಿದ್ಯಾರ್ಥಿವೇತನಕ್ಕಾಗಿ ಸೇವಾಸಿಂಧು ಪೋರ್ಟಲ್ ಮೂಲಕ ಅರ್ಜಿ ಸಲ್ಲಿಸುವ ಅವಧಿಯನ್ನು ಡಿಸೆಂಬರ್ 15 ರವರೆಗೆ ವಿಸ್ತರಿಸಲಾಗಿದೆ ಎಂದು ಅಧಿಕೃತ ಪ್ರಕಟಣೆ ತಿಳಿಸಿದೆ.
